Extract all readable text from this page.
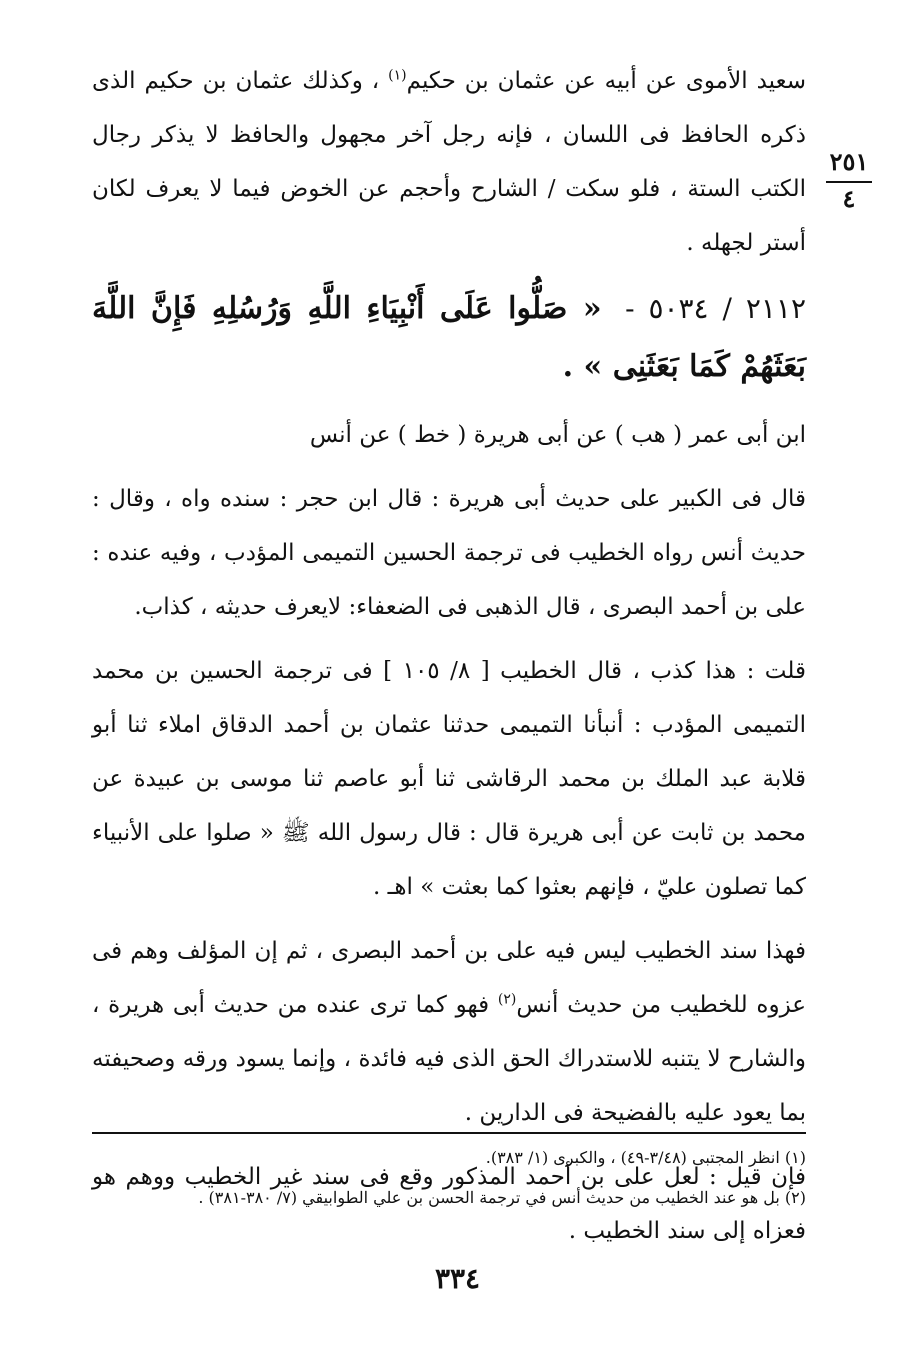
٢٥١
٤

سعيد الأموى عن أبيه عن عثمان بن حكيم$^{(١)}$ ، وكذلك عثمان بن حكيم الذى ذكره الحافظ فى اللسان ، فإنه رجل آخر مجهول والحافظ لا يذكر رجال الكتب الستة ، فلو سكت / الشارح وأحجم عن الخوض فيما لا يعرف لكان أستر لجهله .

٢١١٢ / ٥٠٣٤ - « صَلُّوا عَلَى أَنْبِيَاءِ اللَّهِ وَرُسُلِهِ فَإِنَّ اللَّهَ بَعَثَهُمْ كَمَا بَعَثَنِى » .

ابن أبى عمر ( هب ) عن أبى هريرة ( خط ) عن أنس

قال فى الكبير على حديث أبى هريرة : قال ابن حجر : سنده واه ، وقال : حديث أنس رواه الخطيب فى ترجمة الحسين التميمى المؤدب ، وفيه عنده : على بن أحمد البصرى ، قال الذهبى فى الضعفاء: لايعرف حديثه ، كذاب.

قلت : هذا كذب ، قال الخطيب [ ٨/ ١٠٥ ] فى ترجمة الحسين بن محمد التميمى المؤدب : أنبأنا التميمى حدثنا عثمان بن أحمد الدقاق املاء ثنا أبو قلابة عبد الملك بن محمد الرقاشى ثنا أبو عاصم ثنا موسى بن عبيدة عن محمد بن ثابت عن أبى هريرة قال : قال رسول الله ﷺ « صلوا على الأنبياء كما تصلون عليّ ، فإنهم بعثوا كما بعثت » اهـ .

فهذا سند الخطيب ليس فيه على بن أحمد البصرى ، ثم إن المؤلف وهم فى عزوه للخطيب من حديث أنس$^{(٢)}$ فهو كما ترى عنده من حديث أبى هريرة ، والشارح لا يتنبه للاستدراك الحق الذى فيه فائدة ، وإنما يسود ورقه وصحيفته بما يعود عليه بالفضيحة فى الدارين .

فإن قيل : لعل على بن أحمد المذكور وقع فى سند غير الخطيب ووهم هو فعزاه إلى سند الخطيب .

(١) انظر المجتبى (٣/٤٨-٤٩) ، والكبرى (١/ ٣٨٣).

(٢) بل هو عند الخطيب من حديث أنس في ترجمة الحسن بن علي الطوابيقي (٧/ ٣٨٠-٣٨١) .

٣٣٤
